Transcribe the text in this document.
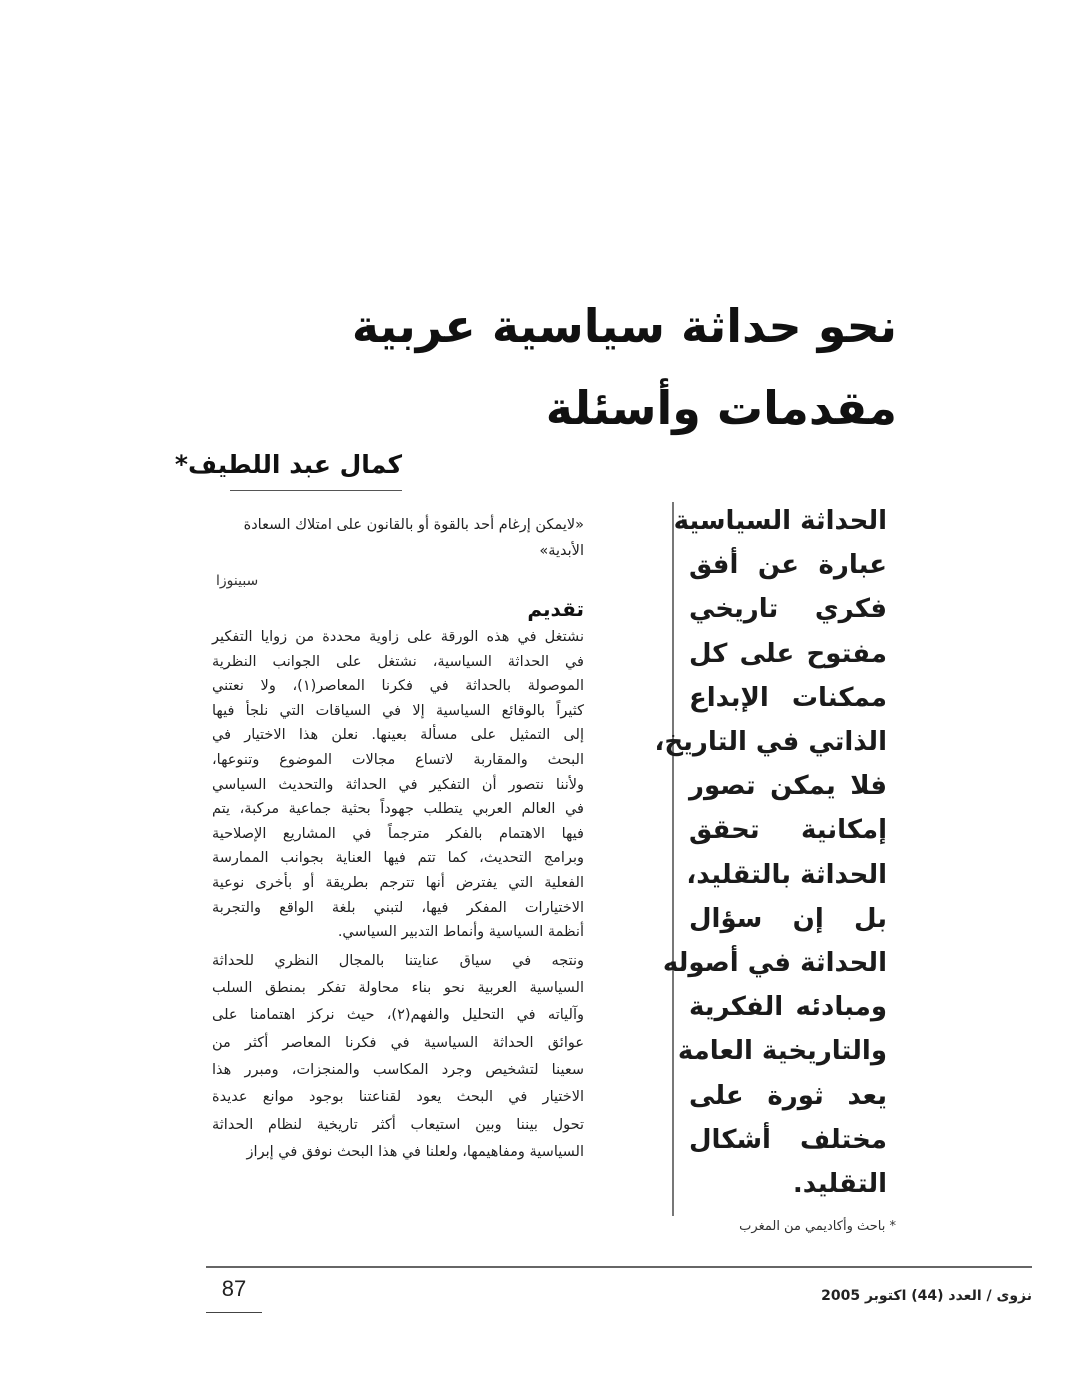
نحو حداثة سياسية عربية
مقدمات وأسئلة
كمال عبد اللطيف*
الحداثة السياسية
عبارة عن أفق
فكري تاريخي
مفتوح على كل
ممكنات الإبداع
الذاتي في التاريخ،
فلا يمكن تصور
إمكانية تحقق
الحداثة بالتقليد،
بل إن سؤال
الحداثة في أصوله
ومبادئه الفكرية
والتاريخية العامة
يعد ثورة على
مختلف أشكال
التقليد.
* باحث وأكاديمي من المغرب
«لايمكن إرغام أحد بالقوة أو بالقانون على امتلاك السعادة الأبدية»
سبينوزا
تقديم
نشتغل في هذه الورقة على زاوية محددة من زوايا التفكير
في الحداثة السياسية، نشتغل على الجوانب النظرية
الموصولة بالحداثة في فكرنا المعاصر(١)، ولا نعتني
كثيراً بالوقائع السياسية إلا في السياقات التي نلجأ فيها
إلى التمثيل على مسألة بعينها. نعلن هذا الاختيار في
البحث والمقاربة لاتساع مجالات الموضوع وتنوعها،
ولأننا نتصور أن التفكير في الحداثة والتحديث السياسي
في العالم العربي يتطلب جهوداً بحثية جماعية مركبة، يتم
فيها الاهتمام بالفكر مترجماً في المشاريع الإصلاحية
وبرامج التحديث، كما تتم فيها العناية بجوانب الممارسة
الفعلية التي يفترض أنها تترجم بطريقة أو بأخرى نوعية
الاختيارات المفكر فيها، لتبني بلغة الواقع والتجربة
أنظمة السياسية وأنماط التدبير السياسي.
ونتجه في سياق عنايتنا بالمجال النظري للحداثة
السياسية العربية نحو بناء محاولة تفكر بمنطق السلب
وآلياته في التحليل والفهم(٢)، حيث نركز اهتمامنا على
عوائق الحداثة السياسية في فكرنا المعاصر أكثر من
سعينا لتشخيص وجرد المكاسب والمنجزات، ومبرر هذا
الاختيار في البحث يعود لقناعتنا بوجود موانع عديدة
تحول بيننا وبين استيعاب أكثر تاريخية لنظام الحداثة
السياسية ومفاهيمها، ولعلنا في هذا البحث نوفق في إبراز
87	نزوى / العدد (44) اكتوبر 2005
